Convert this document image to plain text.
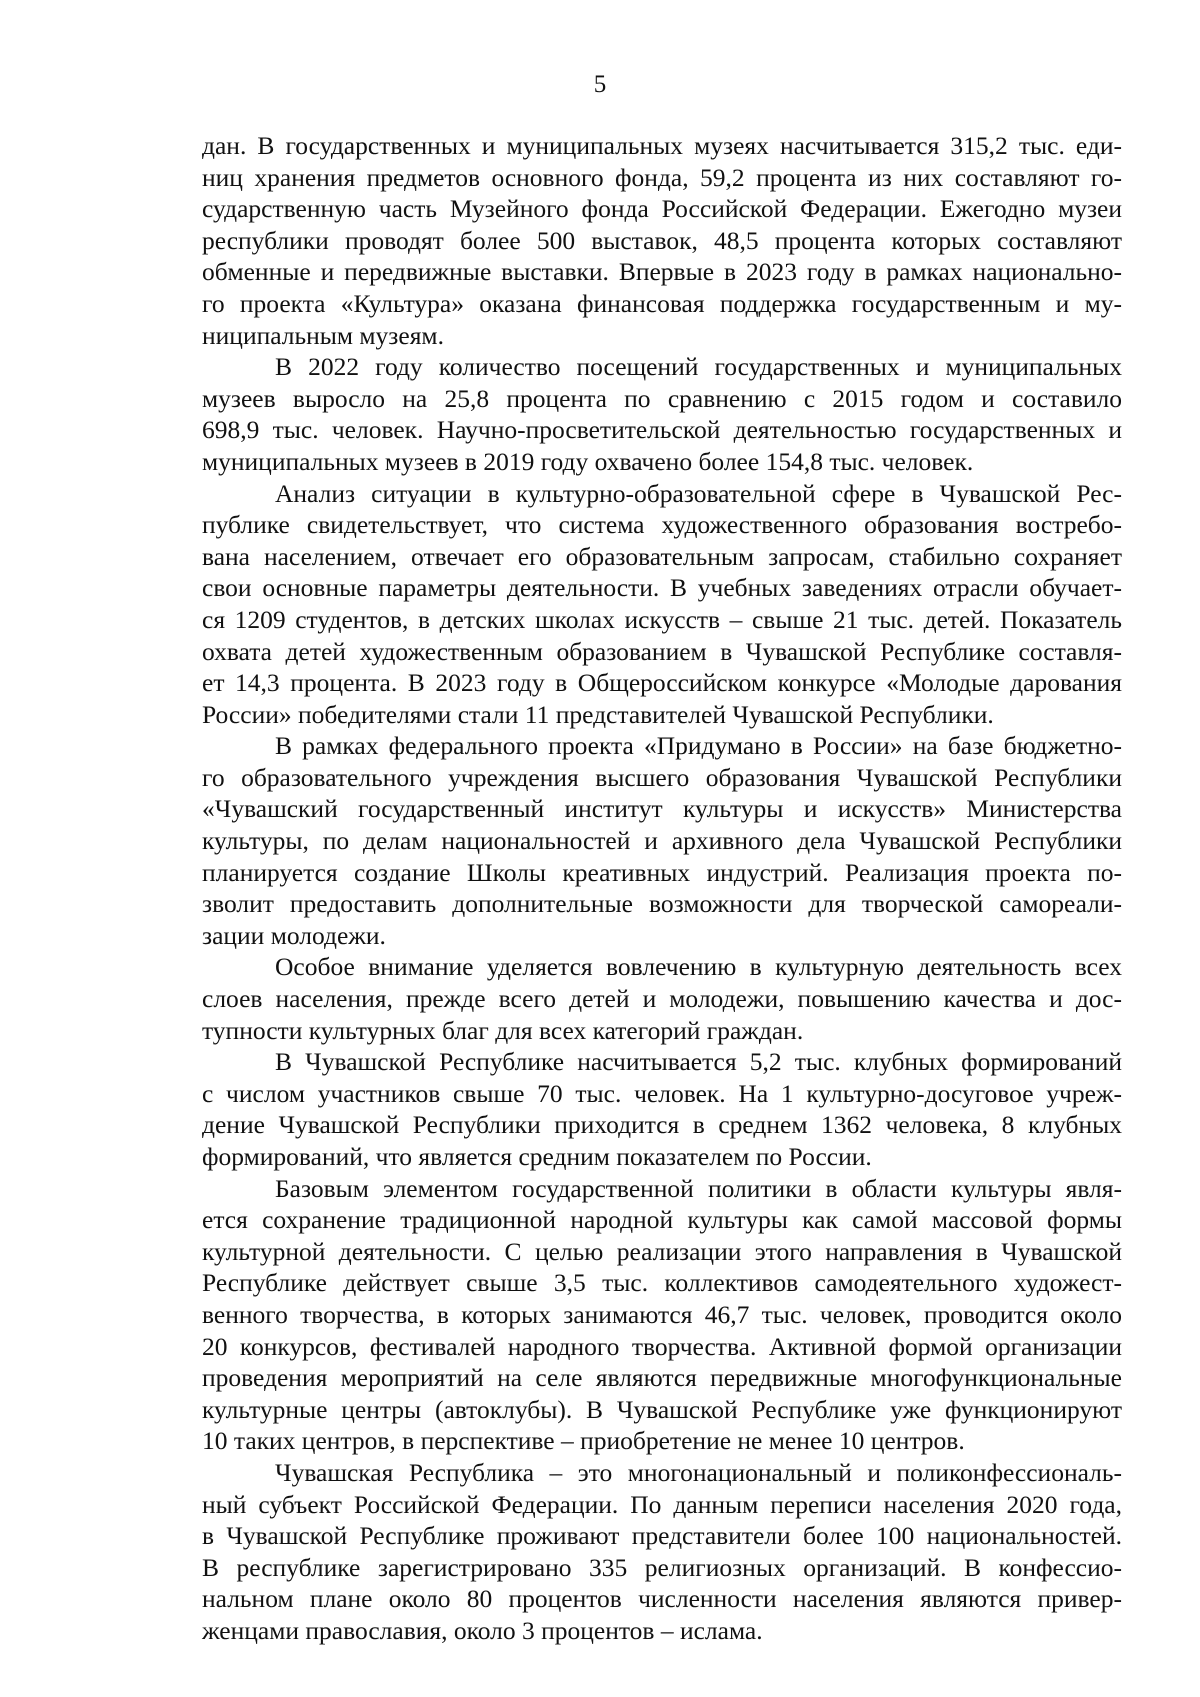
5
дан. В государственных и муниципальных музеях насчитывается 315,2 тыс. еди-
ниц хранения предметов основного фонда, 59,2 процента из них составляют го-
сударственную часть Музейного фонда Российской Федерации. Ежегодно музеи
республики проводят более 500 выставок, 48,5 процента которых составляют
обменные и передвижные выставки. Впервые в 2023 году в рамках национально-
го проекта «Культура» оказана финансовая поддержка государственным и му-
ниципальным музеям.
В 2022 году количество посещений государственных и муниципальных
музеев выросло на 25,8 процента по сравнению с 2015 годом и составило
698,9 тыс. человек. Научно-просветительской деятельностью государственных и
муниципальных музеев в 2019 году охвачено более 154,8 тыс. человек.
Анализ ситуации в культурно-образовательной сфере в Чувашской Рес-
публике свидетельствует, что система художественного образования востребо-
вана населением, отвечает его образовательным запросам, стабильно сохраняет
свои основные параметры деятельности. В учебных заведениях отрасли обучает-
ся 1209 студентов, в детских школах искусств – свыше 21 тыс. детей. Показатель
охвата детей художественным образованием в Чувашской Республике составля-
ет 14,3 процента. В 2023 году в Общероссийском конкурсе «Молодые дарования
России» победителями стали 11 представителей Чувашской Республики.
В рамках федерального проекта «Придумано в России» на базе бюджетно-
го образовательного учреждения высшего образования Чувашской Республики
«Чувашский государственный институт культуры и искусств» Министерства
культуры, по делам национальностей и архивного дела Чувашской Республики
планируется создание Школы креативных индустрий. Реализация проекта по-
зволит предоставить дополнительные возможности для творческой самореали-
зации молодежи.
Особое внимание уделяется вовлечению в культурную деятельность всех
слоев населения, прежде всего детей и молодежи, повышению качества и дос-
тупности культурных благ для всех категорий граждан.
В Чувашской Республике насчитывается 5,2 тыс. клубных формирований
с числом участников свыше 70 тыс. человек. На 1 культурно-досуговое учреж-
дение Чувашской Республики приходится в среднем 1362 человека, 8 клубных
формирований, что является средним показателем по России.
Базовым элементом государственной политики в области культуры явля-
ется сохранение традиционной народной культуры как самой массовой формы
культурной деятельности. С целью реализации этого направления в Чувашской
Республике действует свыше 3,5 тыс. коллективов самодеятельного художест-
венного творчества, в которых занимаются 46,7 тыс. человек, проводится около
20 конкурсов, фестивалей народного творчества. Активной формой организации
проведения мероприятий на селе являются передвижные многофункциональные
культурные центры (автоклубы). В Чувашской Республике уже функционируют
10 таких центров, в перспективе – приобретение не менее 10 центров.
Чувашская Республика – это многонациональный и поликонфессиональ-
ный субъект Российской Федерации. По данным переписи населения 2020 года,
в Чувашской Республике проживают представители более 100 национальностей.
В республике зарегистрировано 335 религиозных организаций. В конфессио-
нальном плане около 80 процентов численности населения являются привер-
женцами православия, около 3 процентов – ислама.
